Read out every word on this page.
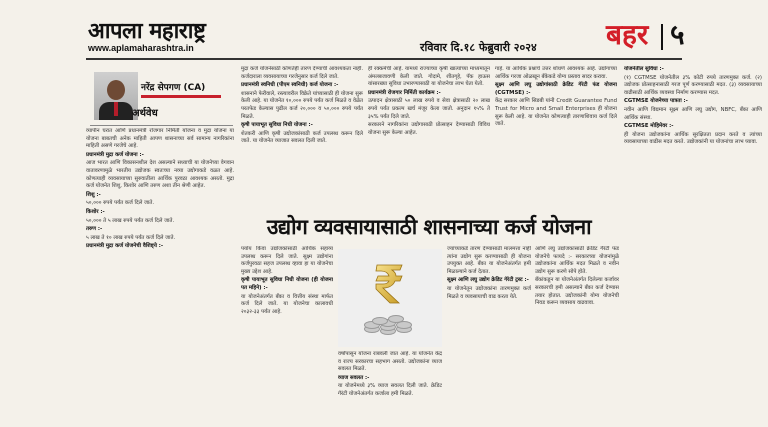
आपला महाराष्ट्र
www.aplamaharashtra.in	रविवार दि.१८ फेब्रुवारी २०२४ बहर ५
नरेंद्र सेपगण (CA)
अर्थवेध

व्यापीन घरात आणि प्रधानमंत्री रोजगार निर्मिती योजना व मुद्रा योजना या योजना बाबतची अनेक माहिती आपण शासनाच्या सर्व सामान्य नागरिकांना माहिती असणे गरजेचे आहे.

प्रधानमंत्री मुद्रा कर्ज योजना :-

आज भारत आणि विकासनशील देश असल्याने सध्याची या योजनेच्या वेगवान वातावरणामुळे भारतीय उद्योजक स्वतःच्या नव्या उद्योगाकडे वळत आहे. कोणत्याही व्यवसायाच्या सुरुवातीला आर्थिक पुरवठा आवश्यक असतो. मुद्रा कर्ज योजनेत शिशु, किशोर आणि तरुण अशा तीन श्रेणी आहेत.

शिशु :-

५०,००० रुपये पर्यंत कर्ज दिले जाते.

किशोर :-

५०,००० ते ५ लाख रुपये पर्यंत कर्ज दिले जाते.

तरुण :-

५ लाख ते १० लाख रुपये पर्यंत कर्ज दिले जाते.

प्रधानमंत्री मुद्रा कर्ज योजनेची वैशिष्ट्ये :-

मुद्रा कर्ज योजनेसाठी कोणतेही तारण देण्याची आवश्यकता नाही. कर्जदाराला व्यवसायाच्या गरजेनुसार कर्ज दिले जाते.

प्रधानमंत्री स्वनिधी (पीएम स्वनिधी) कर्ज योजना :-

शासनाने फेरीवाले, रस्त्यावरील विक्रेते यांच्यासाठी ही योजना सुरू केली आहे. या योजनेत १०,००० रुपये पर्यंत कर्ज मिळते व वेळेत परतफेड केल्यास पुढील कर्ज २०,००० व ५०,००० रुपये पर्यंत मिळते.

कृषी पायाभूत सुविधा निधी योजना :-

शेतकरी आणि कृषी उद्योजकांसाठी कर्ज उपलब्ध करून दिले जाते. या योजनेत व्याजात सवलत दिली जाते.

ही रक्कमेची आहे. यामध्ये राज्याच्या कृषी खात्यांच्या माध्यमातून अंमलबजावणी केली जाते. गोदामे, शीतगृहे, पॅक हाऊस यांसारख्या सुविधा उभारण्यासाठी या योजनेचा लाभ घेता येतो.

प्रधानमंत्री रोजगार निर्मिती कार्यक्रम :-

उत्पादन क्षेत्रासाठी ५० लाख रुपये व सेवा क्षेत्रासाठी २० लाख रुपये पर्यंत प्रकल्प खर्च मंजूर केला जातो. अनुदान १५% ते ३५% पर्यंत दिले जाते.

सरकारने नागरिकांना उद्योगासाठी प्रोत्साहन देण्यासाठी विविध योजना सुरू केल्या आहेत.

गाहे. या आर्थिक प्रश्नाचे उत्तर शोधणे आवश्यक आहे. उद्योगाच्या आर्थिक गरजा ओळखून बँकेकडे योग्य प्रस्ताव सादर करावा.

सूक्ष्म आणि लघु उद्योगांसाठी क्रेडिट गॅरंटी फंड योजना (CGTMSE) :-

केंद्र सरकार आणि सिडबी यांनी Credit Guarantee Fund Trust for Micro and Small Enterprises ही योजना सुरू केली आहे. या योजनेत कोणत्याही तारणाशिवाय कर्ज दिले जाते.

योजनेतील सुविधा :-

(१) CGTMSE योजनेतील ३% कोटी रुपये तारणमुक्त कर्ज. (२) उद्योजक प्रोत्साहनासाठी गरज पूर्ण करण्यासाठी मदत. (३) व्यवसायाच्या वाढीसाठी आर्थिक व्यवस्था निर्माण करण्यास मदत.

CGTMSE योजनेच्या पात्रता :-

नवीन आणि विद्यमान सूक्ष्म आणि लघु उद्योग, NBFC, बँका आणि आर्थिक संस्था.

CGTMSE मोहिमेवर :-

ही योजना उद्योजकांना आर्थिक सुरक्षितता प्रदान करते व त्यांच्या व्यवसायाच्या वाढीस मदत करते. उद्योजकांनी या योजनांचा लाभ घ्यावा.

पर्याय किंवा उद्योजकांसाठी आर्थिक सहाय्य उपलब्ध करून दिले जाते. सूक्ष्म उद्योगांना कर्जपुरवठा सहज उपलब्ध व्हावा हा या योजनेचा मुख्य उद्देश आहे.

कृषी पायाभूत सुविधा निधी योजना (ही योजना पत महिने) :-

या योजनेअंतर्गत बँका व वित्तीय संस्था मार्फत कर्ज दिले जाते. या योजनेचा कालावधी २०३२-३३ पर्यंत आहे.

वर्षांपासून योजना राबवली जात आहे. या योजनेत केंद्र व राज्य सरकारचा सहभाग असतो. उद्योजकांना व्याज सवलत मिळते.

व्याज सवलत :-

या योजनेमध्ये ३% व्याज सवलत दिली जाते. क्रेडिट गॅरंटी योजनेअंतर्गत कर्जाला हमी मिळते.

ज्यांच्याकडे तारण देण्यासाठी मालमत्ता नाही त्यांना उद्योग सुरू करण्यासाठी ही योजना उपयुक्त आहे. बँका या योजनेअंतर्गत हमी मिळाल्याने कर्ज देतात.

सूक्ष्म आणि लघु उद्योग क्रेडिट गॅरंटी ट्रस्ट :-

या योजनेतून उद्योजकांना तारणमुक्त कर्ज मिळते व व्यवसायाची वाढ करता येते.

आणि लघु उद्योजकांसाठी क्रेडिट गॅरंटी फंड योजनेचे फायदे :- सरकारच्या योजनांमुळे उद्योजकांना आर्थिक मदत मिळते व नवीन उद्योग सुरू करणे सोपे होते.

बँकांकडून या योजनेअंतर्गत दिलेल्या कर्जावर सरकारची हमी असल्याने बँका कर्ज देण्यास तयार होतात. उद्योजकांनी योग्य योजनेची निवड करून व्यवसाय वाढवावा.

उद्योग व्यवसायासाठी शासनाच्या कर्ज योजना
